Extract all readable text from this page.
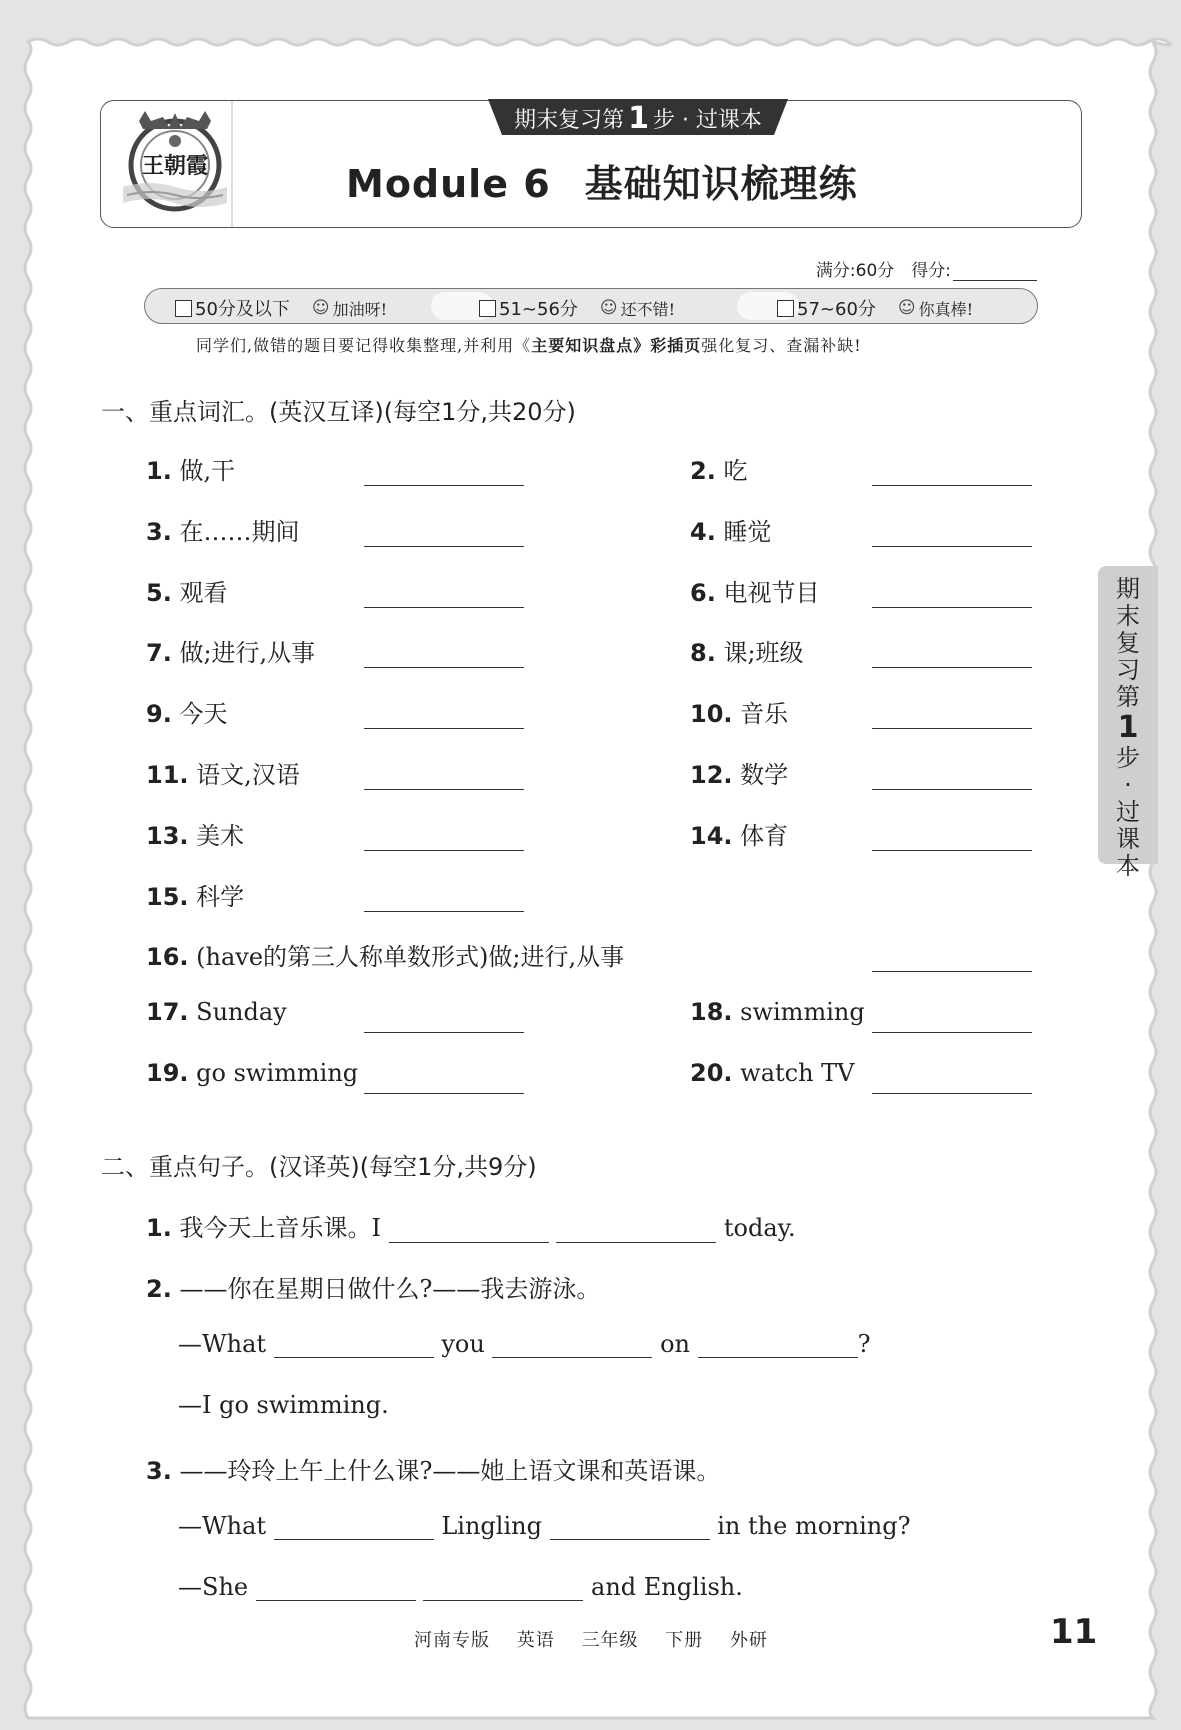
王朝霞
期末复习第 1 步 · 过课本
Module 6 基础知识梳理练
满分:60分　得分:
50分及以下 ☺ 加油呀!	51~56分 ☺ 还不错!	57~60分 ☺ 你真棒!
同学们,做错的题目要记得收集整理,并利用《主要知识盘点》彩插页强化复习、查漏补缺!
一、重点词汇。(英汉互译)(每空1分,共20分)
1. 做,干	2. 吃
3. 在……期间	4. 睡觉
5. 观看	6. 电视节目
7. 做;进行,从事	8. 课;班级
9. 今天	10. 音乐
11. 语文,汉语	12. 数学
13. 美术	14. 体育
15. 科学
16. (have的第三人称单数形式)做;进行,从事
17. Sunday	18. swimming
19. go swimming	20. watch TV
二、重点句子。(汉译英)(每空1分,共9分)
1. 我今天上音乐课。I	today.
2. ——你在星期日做什么?——我去游泳。
—What	you	on	?
—I go swimming.
3. ——玲玲上午上什么课?——她上语文课和英语课。
—What	Lingling	in the morning?
—She	and English.
期
末
复
习
第
1
步
·
过
课
本
河南专版 英语 三年级 下册 外研	11
